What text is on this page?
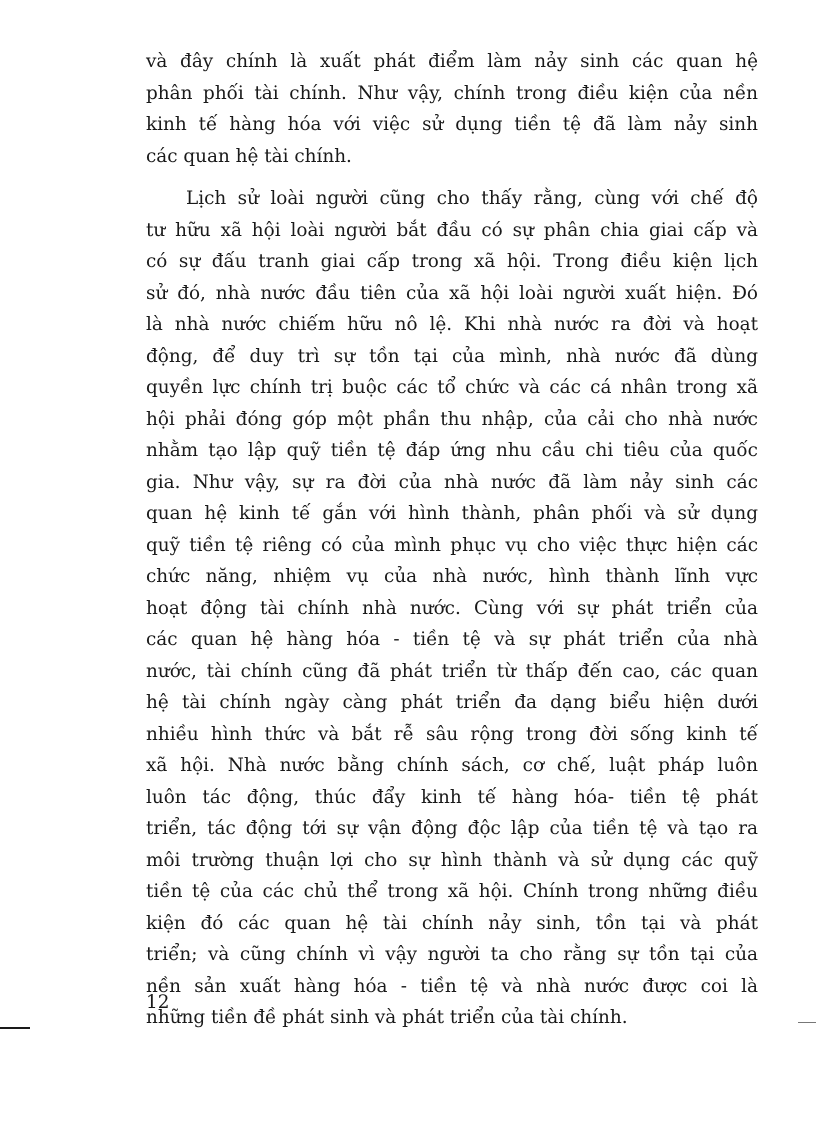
và đây chính là xuất phát điểm làm nảy sinh các quan hệ
phân phối tài chính. Như vậy, chính trong điều kiện của nền
kinh tế hàng hóa với việc sử dụng tiền tệ đã làm nảy sinh
các quan hệ tài chính.
Lịch sử loài người cũng cho thấy rằng, cùng với chế độ
tư hữu xã hội loài người bắt đầu có sự phân chia giai cấp và
có sự đấu tranh giai cấp trong xã hội. Trong điều kiện lịch
sử đó, nhà nước đầu tiên của xã hội loài người xuất hiện. Đó
là nhà nước chiếm hữu nô lệ. Khi nhà nước ra đời và hoạt
động, để duy trì sự tồn tại của mình, nhà nước đã dùng
quyền lực chính trị buộc các tổ chức và các cá nhân trong xã
hội phải đóng góp một phần thu nhập, của cải cho nhà nước
nhằm tạo lập quỹ tiền tệ đáp ứng nhu cầu chi tiêu của quốc
gia. Như vậy, sự ra đời của nhà nước đã làm nảy sinh các
quan hệ kinh tế gắn với hình thành, phân phối và sử dụng
quỹ tiền tệ riêng có của mình phục vụ cho việc thực hiện các
chức năng, nhiệm vụ của nhà nước, hình thành lĩnh vực
hoạt động tài chính nhà nước. Cùng với sự phát triển của
các quan hệ hàng hóa - tiền tệ và sự phát triển của nhà
nước, tài chính cũng đã phát triển từ thấp đến cao, các quan
hệ tài chính ngày càng phát triển đa dạng biểu hiện dưới
nhiều hình thức và bắt rễ sâu rộng trong đời sống kinh tế
xã hội. Nhà nước bằng chính sách, cơ chế, luật pháp luôn
luôn tác động, thúc đẩy kinh tế hàng hóa- tiền tệ phát
triển, tác động tới sự vận động độc lập của tiền tệ và tạo ra
môi trường thuận lợi cho sự hình thành và sử dụng các quỹ
tiền tệ của các chủ thể trong xã hội. Chính trong những điều
kiện đó các quan hệ tài chính nảy sinh, tồn tại và phát
triển; và cũng chính vì vậy người ta cho rằng sự tồn tại của
nền sản xuất hàng hóa - tiền tệ và nhà nước được coi là
những tiền đề phát sinh và phát triển của tài chính.
12
